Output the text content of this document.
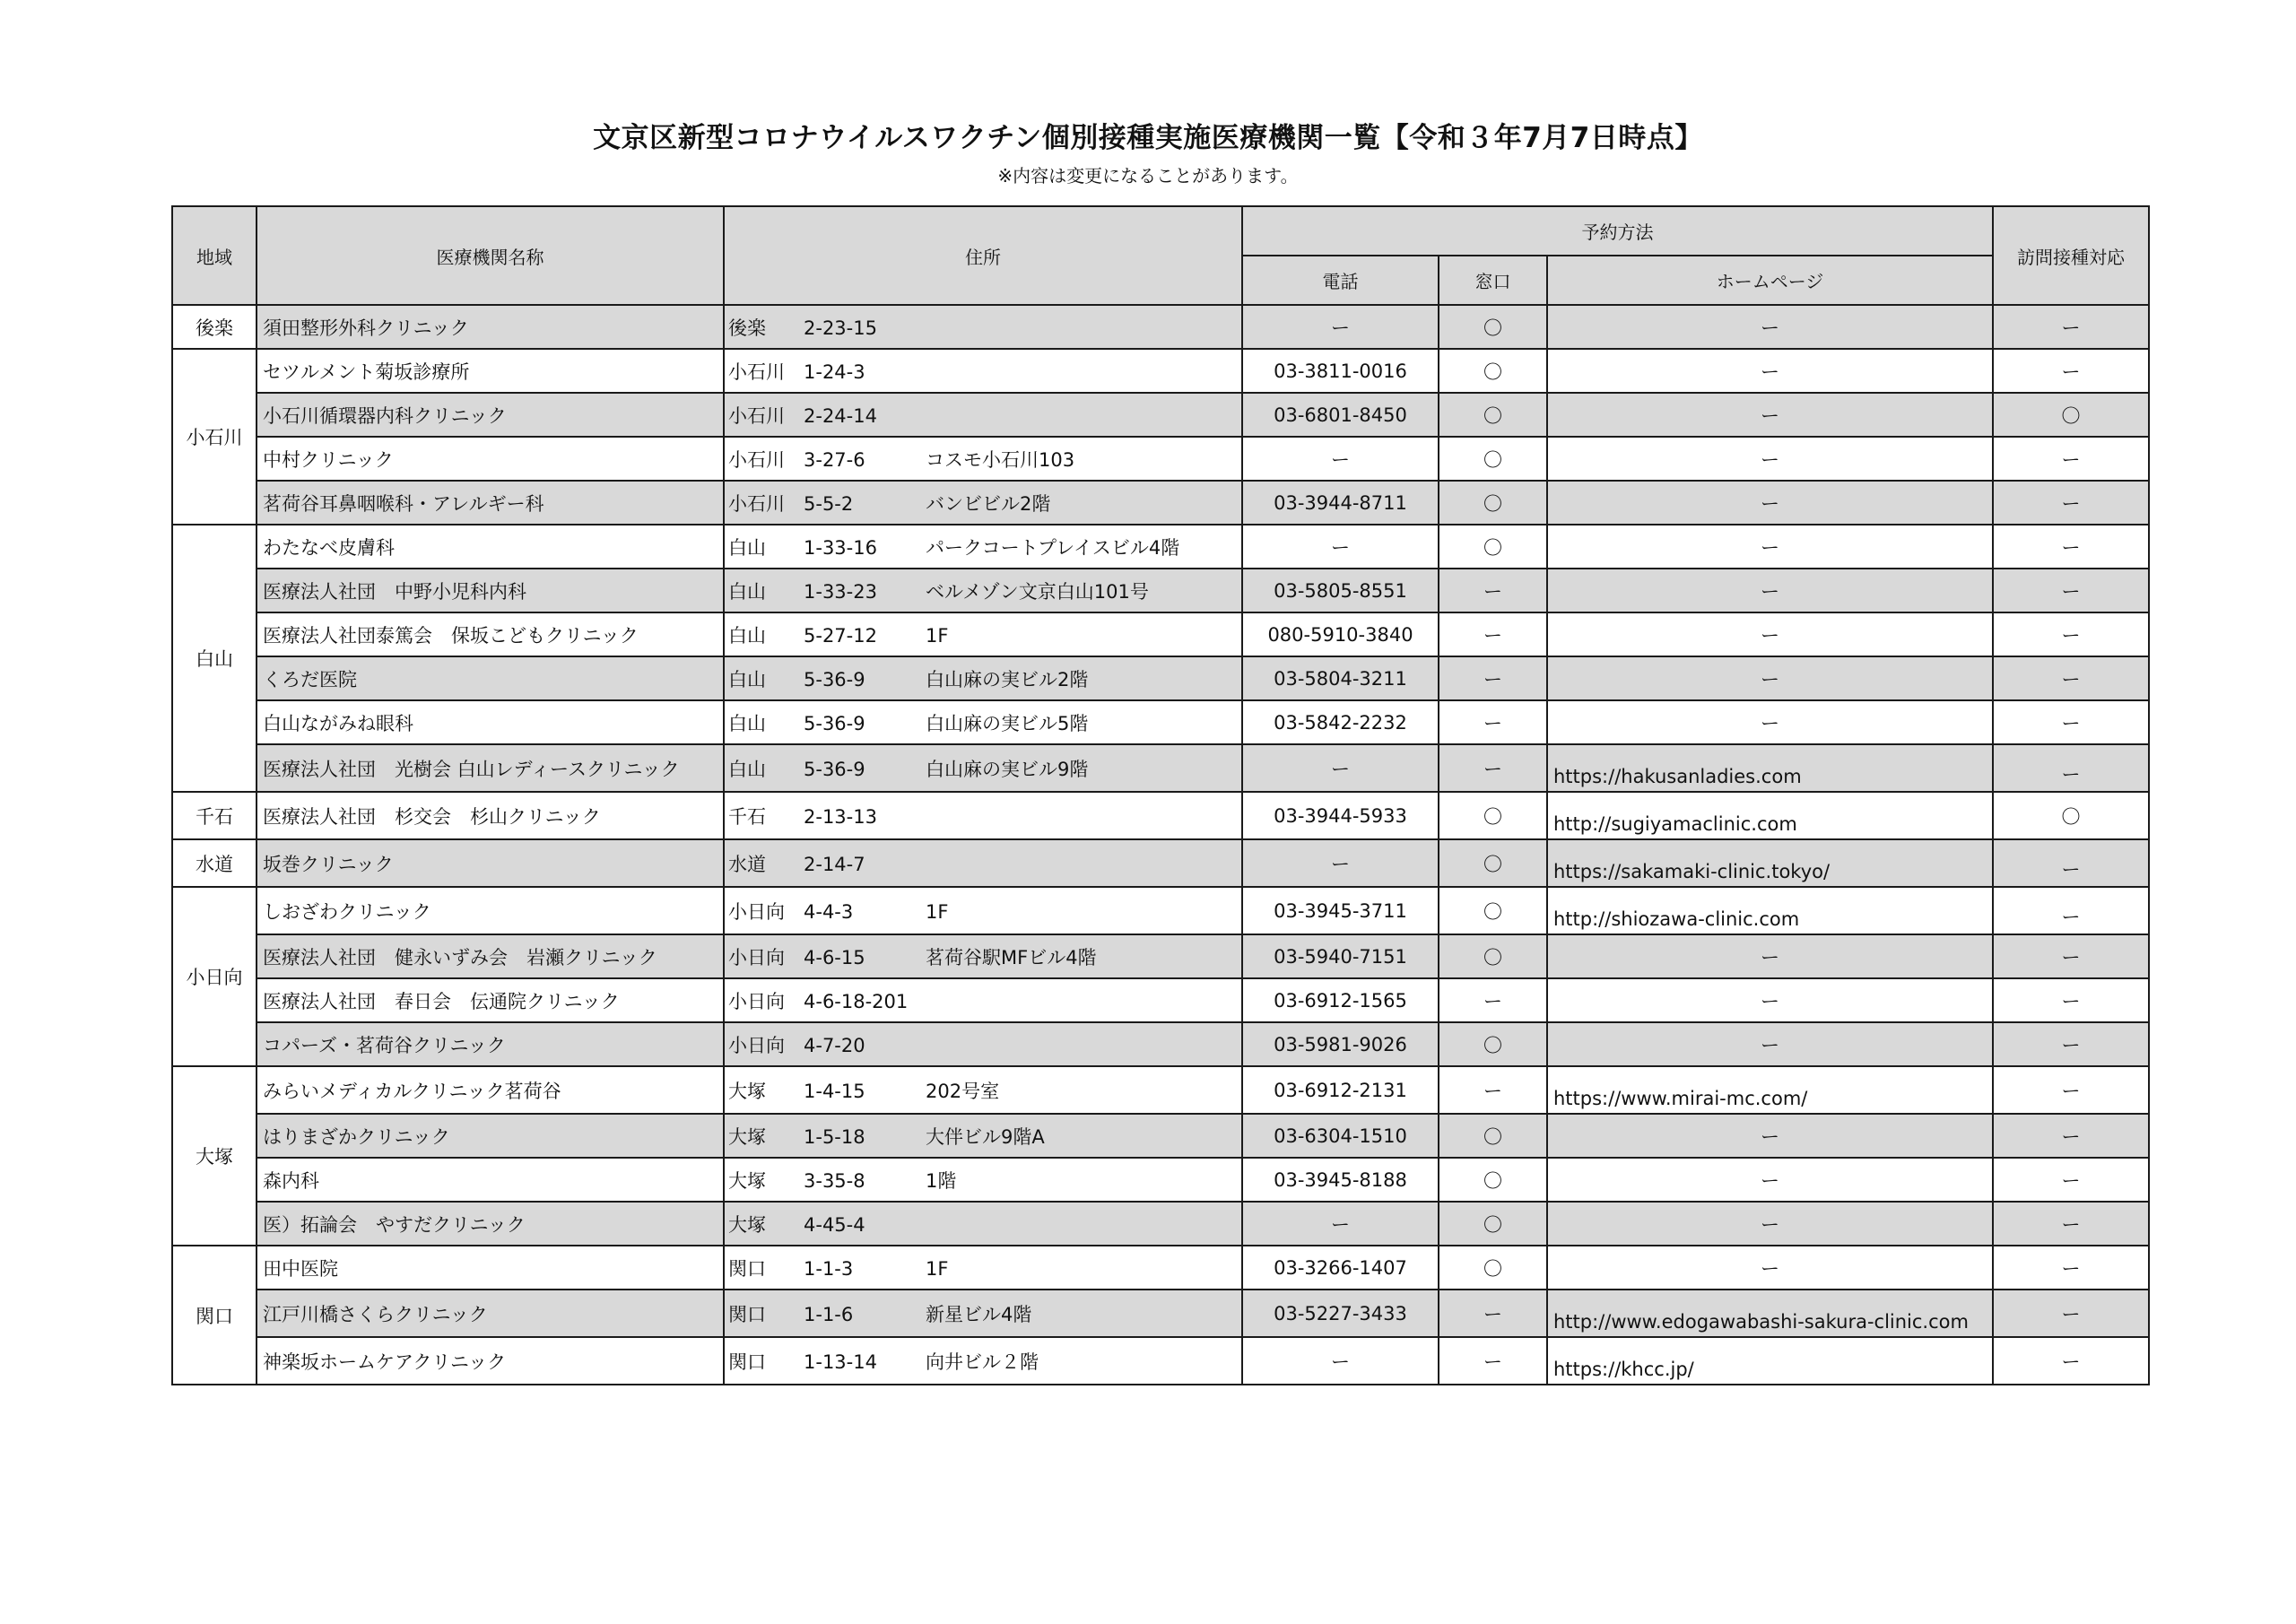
文京区新型コロナウイルスワクチン個別接種実施医療機関一覧【令和３年7月7日時点】
※内容は変更になることがあります。
地域	医療機関名称	住所	予約方法			訪問接種対応
			電話	窓口	ホームページ	
後楽	須田整形外科クリニック	後楽 2-23-15	ー	〇	ー	ー
小石川	セツルメント菊坂診療所	小石川 1-24-3	03-3811-0016	〇	ー	ー
	小石川循環器内科クリニック	小石川 2-24-14	03-6801-8450	〇	ー	〇
	中村クリニック	小石川 3-27-6 コスモ小石川103	ー	〇	ー	ー
	茗荷谷耳鼻咽喉科・アレルギー科	小石川 5-5-2 バンビビル2階	03-3944-8711	〇	ー	ー
白山	わたなべ皮膚科	白山 1-33-16 パークコートプレイスビル4階	ー	〇	ー	ー
	医療法人社団　中野小児科内科	白山 1-33-23 ベルメゾン文京白山101号	03-5805-8551	ー	ー	ー
	医療法人社団泰篤会　保坂こどもクリニック	白山 5-27-12 1F	080-5910-3840	ー	ー	ー
	くろだ医院	白山 5-36-9 白山麻の実ビル2階	03-5804-3211	ー	ー	ー
	白山ながみね眼科	白山 5-36-9 白山麻の実ビル5階	03-5842-2232	ー	ー	ー
	医療法人社団　光樹会 白山レディースクリニック	白山 5-36-9 白山麻の実ビル9階	ー	ー	https://hakusanladies.com	ー
千石	医療法人社団　杉交会　杉山クリニック	千石 2-13-13	03-3944-5933	〇	http://sugiyamaclinic.com	〇
水道	坂巻クリニック	水道 2-14-7	ー	〇	https://sakamaki-clinic.tokyo/	ー
小日向	しおざわクリニック	小日向 4-4-3 1F	03-3945-3711	〇	http://shiozawa-clinic.com	ー
	医療法人社団　健永いずみ会　岩瀬クリニック	小日向 4-6-15 茗荷谷駅MFビル4階	03-5940-7151	〇	ー	ー
	医療法人社団　春日会　伝通院クリニック	小日向 4-6-18-201	03-6912-1565	ー	ー	ー
	コパーズ・茗荷谷クリニック	小日向 4-7-20	03-5981-9026	〇	ー	ー
大塚	みらいメディカルクリニック茗荷谷	大塚 1-4-15 202号室	03-6912-2131	ー	https://www.mirai-mc.com/	ー
	はりまざかクリニック	大塚 1-5-18 大伴ビル9階A	03-6304-1510	〇	ー	ー
	森内科	大塚 3-35-8 1階	03-3945-8188	〇	ー	ー
	医）拓論会　やすだクリニック	大塚 4-45-4	ー	〇	ー	ー
関口	田中医院	関口 1-1-3 1F	03-3266-1407	〇	ー	ー
	江戸川橋さくらクリニック	関口 1-1-6 新星ビル4階	03-5227-3433	ー	http://www.edogawabashi-sakura-clinic.com	ー
	神楽坂ホームケアクリニック	関口 1-13-14 向井ビル２階	ー	ー	https://khcc.jp/	ー
